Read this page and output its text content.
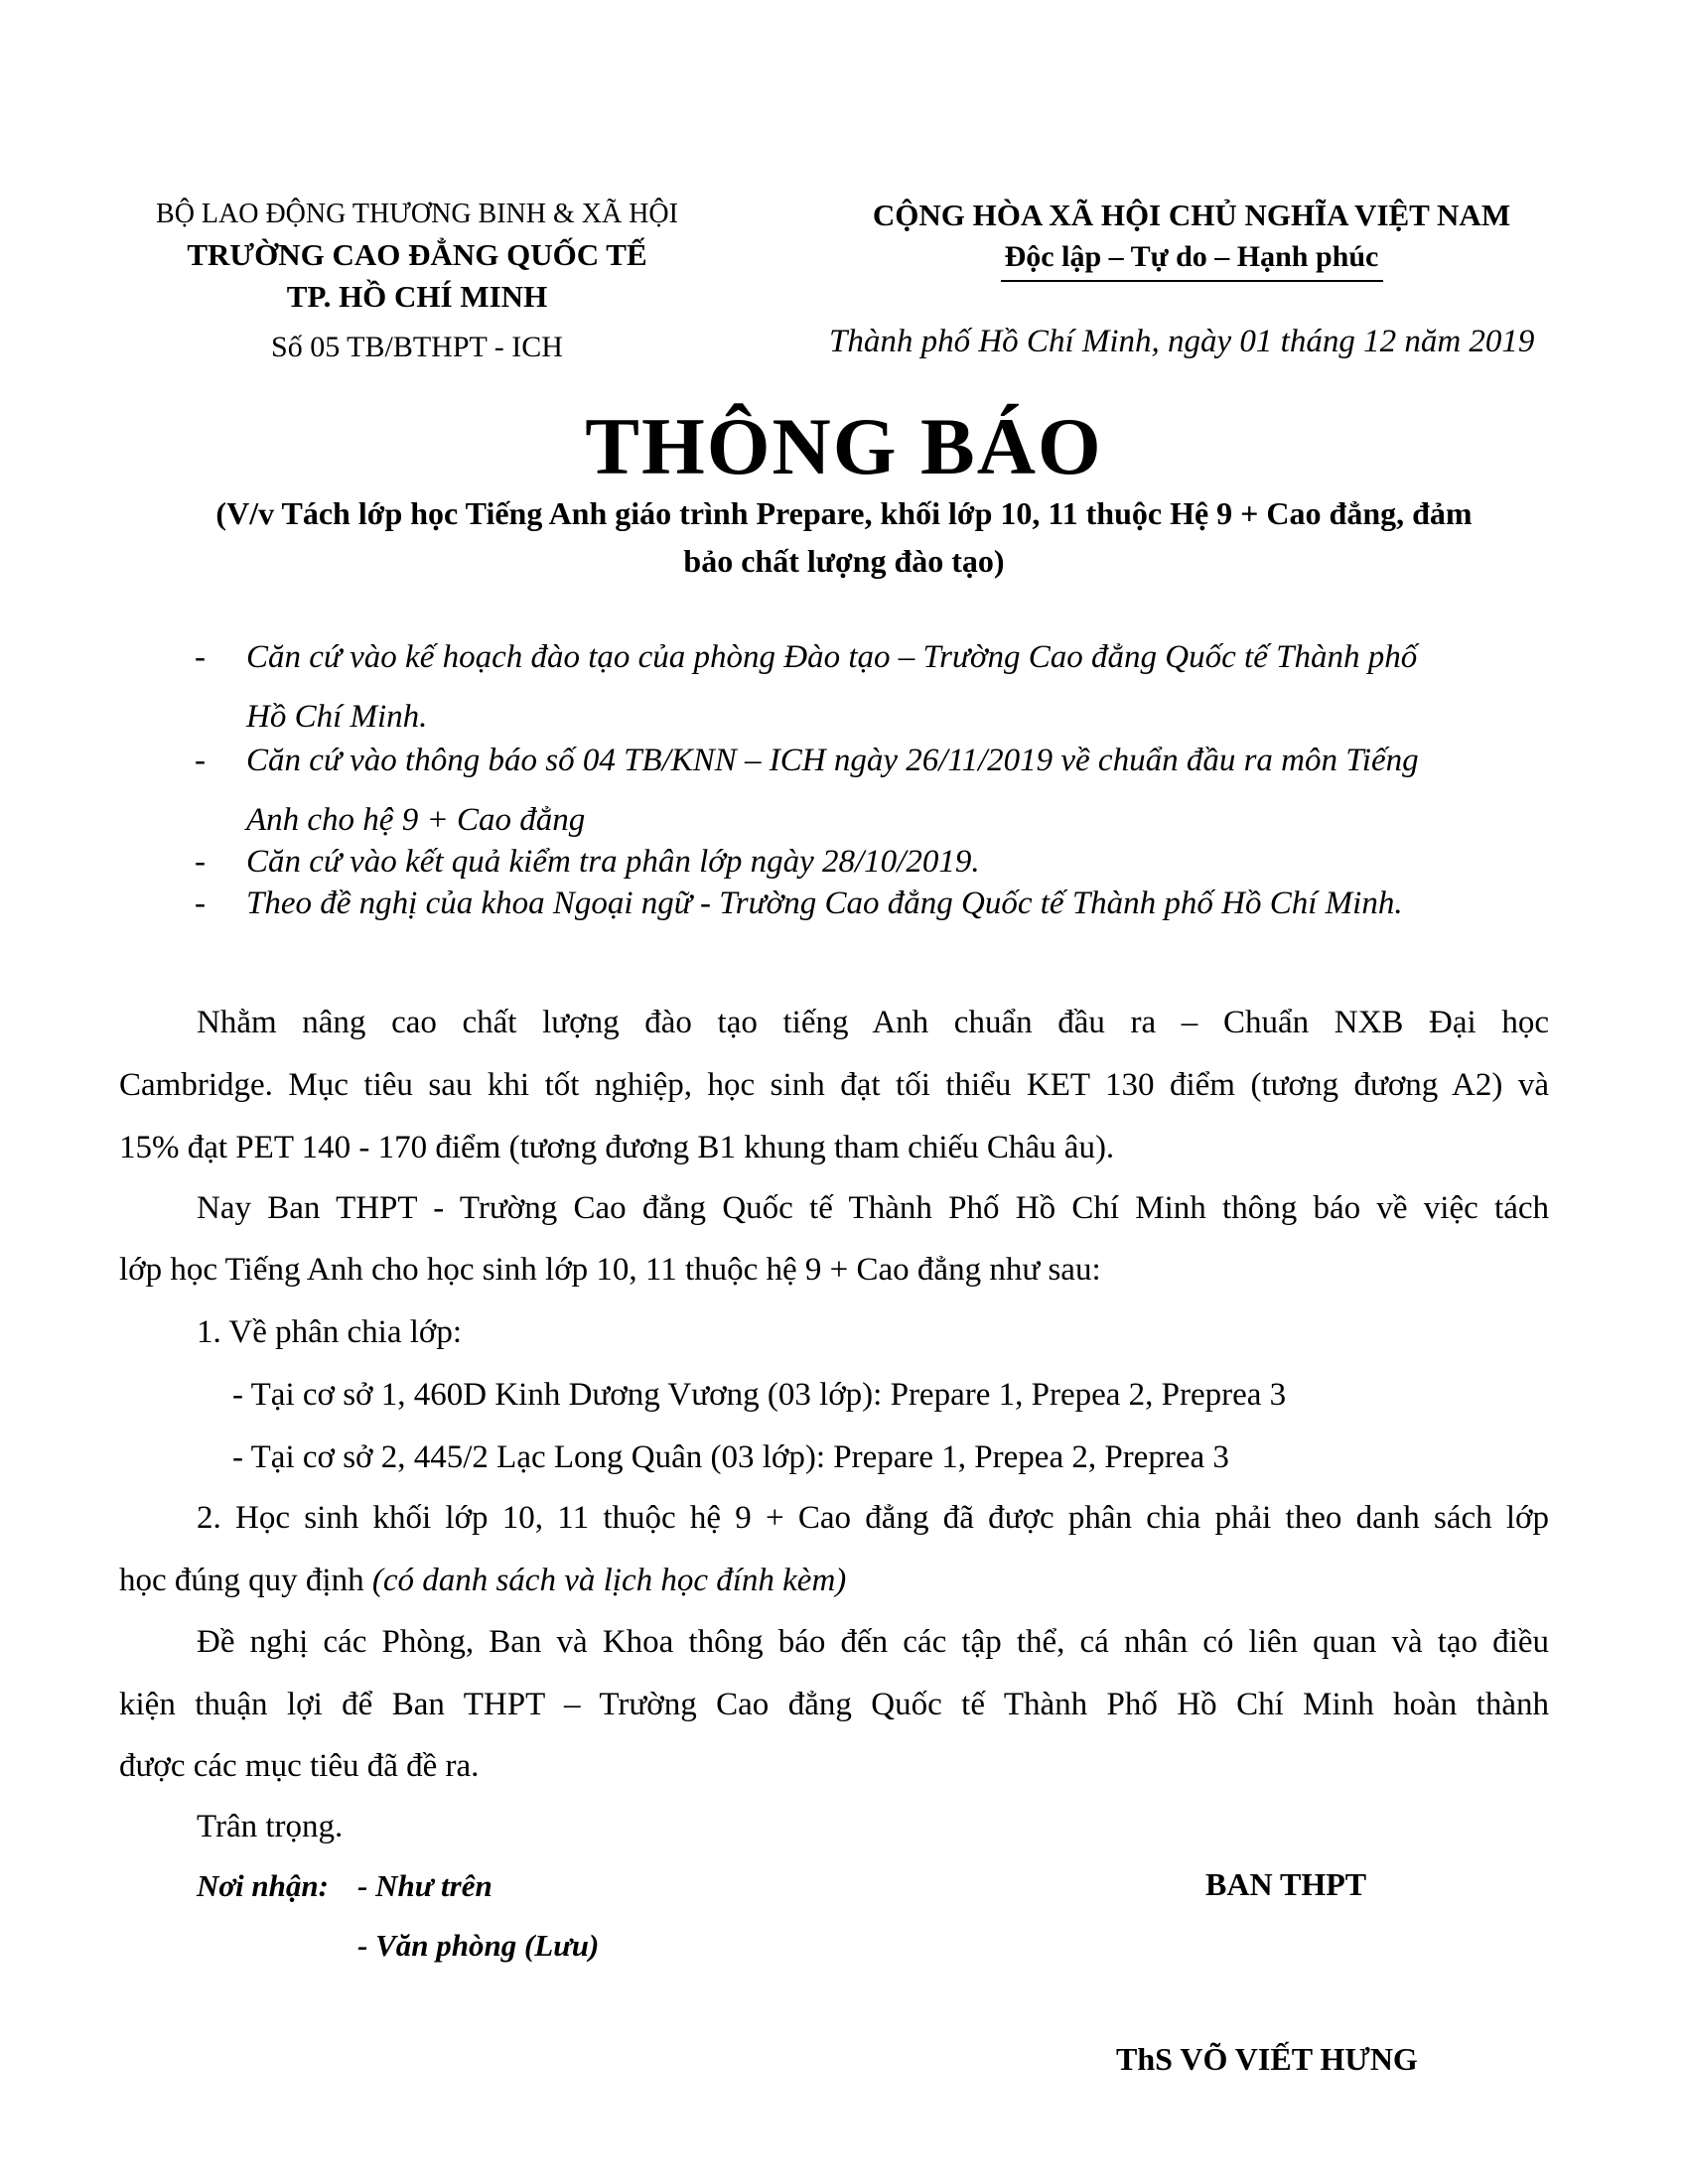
BỘ LAO ĐỘNG THƯƠNG BINH & XÃ HỘI
TRƯỜNG CAO ĐẲNG QUỐC TẾ
TP. HỒ CHÍ MINH
Số 05 TB/BTHPT - ICH
CỘNG HÒA XÃ HỘI CHỦ NGHĨA VIỆT NAM
Độc lập – Tự do – Hạnh phúc
Thành phố Hồ Chí Minh, ngày 01 tháng 12 năm 2019
THÔNG BÁO
(V/v Tách lớp học Tiếng Anh giáo trình Prepare, khối lớp 10, 11 thuộc Hệ 9 + Cao đẳng, đảm
bảo chất lượng đào tạo)
- Căn cứ vào kế hoạch đào tạo của phòng Đào tạo – Trường Cao đẳng Quốc tế Thành phố
Hồ Chí Minh.
- Căn cứ vào thông báo số 04 TB/KNN – ICH ngày 26/11/2019 về chuẩn đầu ra môn Tiếng
Anh cho hệ 9 + Cao đẳng
- Căn cứ vào kết quả kiểm tra phân lớp ngày 28/10/2019.
- Theo đề nghị của khoa Ngoại ngữ - Trường Cao đẳng Quốc tế Thành phố Hồ Chí Minh.
Nhằm nâng cao chất lượng đào tạo tiếng Anh chuẩn đầu ra – Chuẩn NXB Đại học
Cambridge. Mục tiêu sau khi tốt nghiệp, học sinh đạt tối thiểu KET 130 điểm (tương đương A2) và
15% đạt PET 140 - 170 điểm (tương đương B1 khung tham chiếu Châu âu).
Nay Ban THPT - Trường Cao đẳng Quốc tế Thành Phố Hồ Chí Minh thông báo về việc tách
lớp học Tiếng Anh cho học sinh lớp 10, 11 thuộc hệ 9 + Cao đẳng như sau:
1. Về phân chia lớp:
- Tại cơ sở 1, 460D Kinh Dương Vương (03 lớp): Prepare 1, Prepea 2, Preprea 3
- Tại cơ sở 2, 445/2 Lạc Long Quân (03 lớp): Prepare 1, Prepea 2, Preprea 3
2. Học sinh khối lớp 10, 11 thuộc hệ 9 + Cao đẳng đã được phân chia phải theo danh sách lớp
học đúng quy định (có danh sách và lịch học đính kèm)
Đề nghị các Phòng, Ban và Khoa thông báo đến các tập thể, cá nhân có liên quan và tạo điều
kiện thuận lợi để Ban THPT – Trường Cao đẳng Quốc tế Thành Phố Hồ Chí Minh hoàn thành
được các mục tiêu đã đề ra.
Trân trọng.
Nơi nhận: - Như trên
- Văn phòng (Lưu)
BAN THPT
ThS VÕ VIẾT HƯNG
